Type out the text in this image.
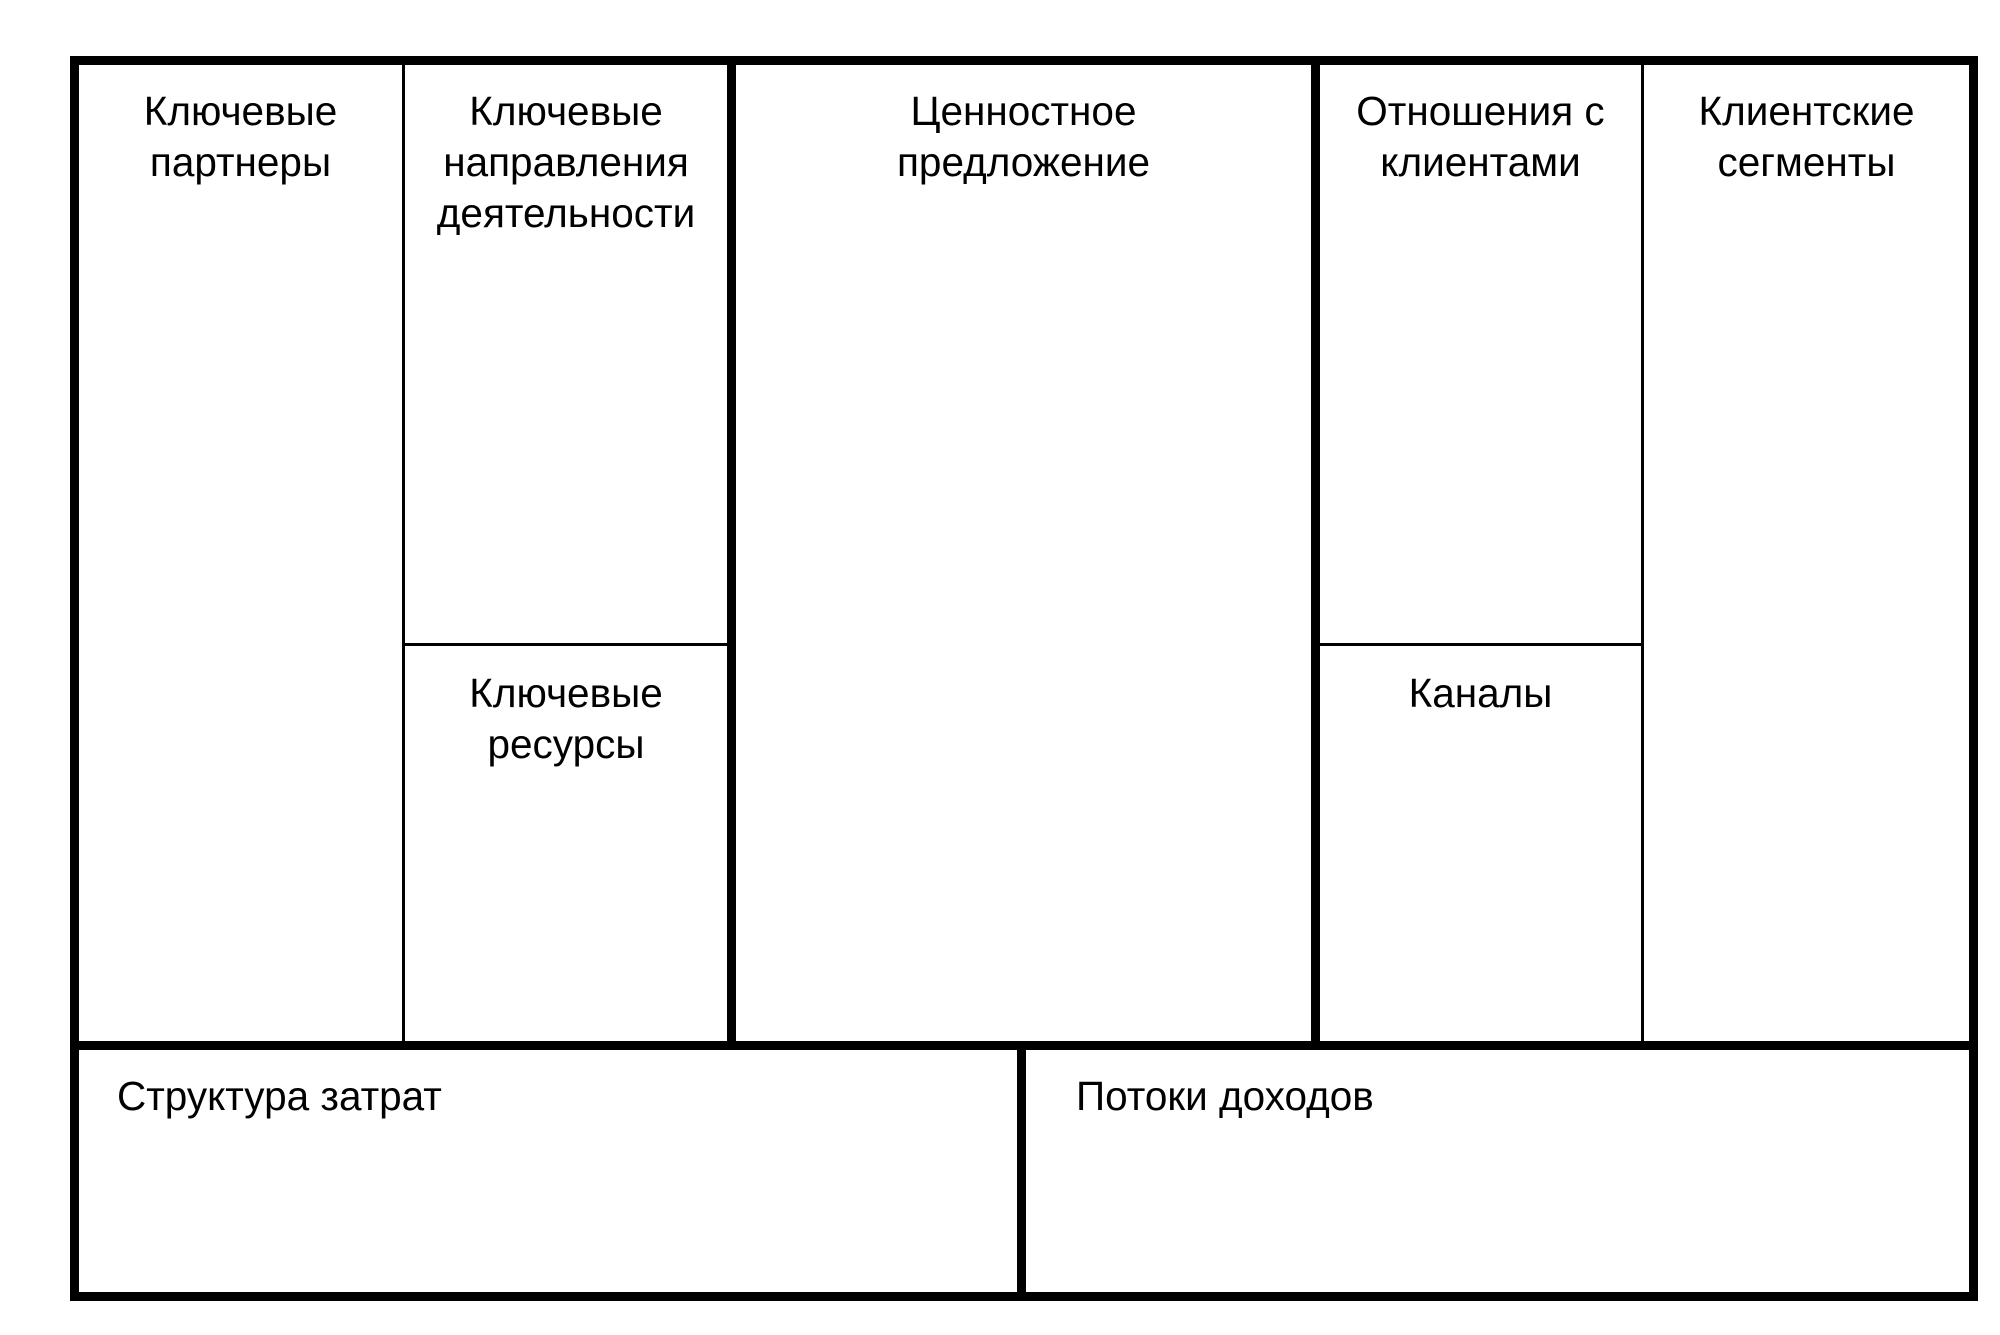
Ключевые
партнеры
Ключевые
направления
деятельности
Ключевые
ресурсы
Ценностное
предложение
Отношения с
клиентами
Каналы
Клиентские
сегменты
Структура затрат	Потоки доходов
